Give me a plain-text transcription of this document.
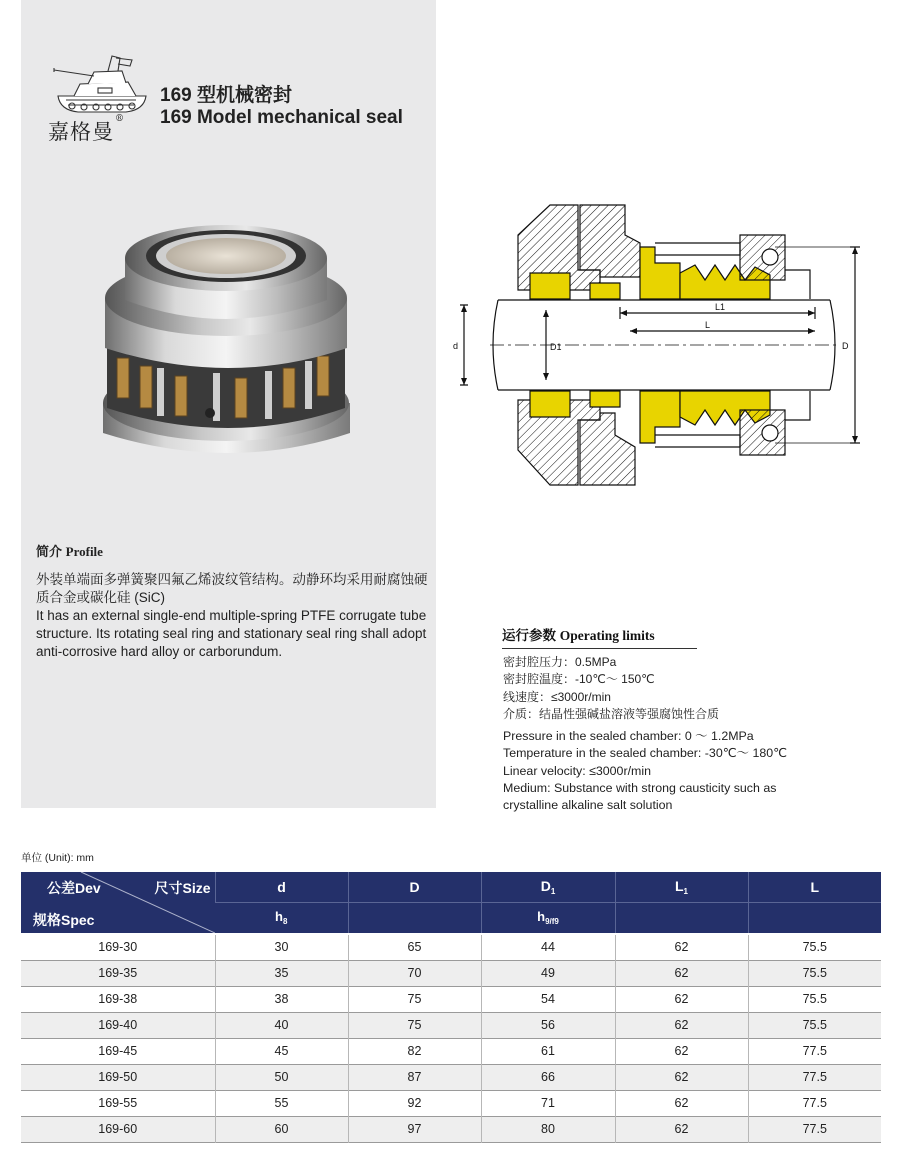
嘉格曼®
169 型机械密封
169 Model mechanical seal
简介 Profile

外装单端面多弹簧聚四氟乙烯波纹管结构。动静环均采用耐腐蚀硬质合金或碳化硅 (SiC)

It has an external single-end multiple-spring PTFE corrugate tube structure. Its rotating seal ring and stationary seal ring shall adopt anti-corrosive hard alloy or carborundum.

d	D1
L1
L
D
运行参数 Operating limits
密封腔压力：0.5MPa
密封腔温度：-10℃～ 150℃
线速度：≤3000r/min
介质：结晶性强碱盐溶液等强腐蚀性合质
Pressure in the sealed chamber: 0 ～ 1.2MPa
Temperature in the sealed chamber: -30℃～ 180℃
Linear velocity: ≤3000r/min
Medium: Substance with strong causticity such as
crystalline alkaline salt solution
单位 (Unit): mm
公差Dev 尺寸Size
规格Spec	d	D	$D_1$	$L_1$	L
	$h_8$		$h_{9/f9}$		
169-30	30	65	44	62	75.5
169-35	35	70	49	62	75.5
169-38	38	75	54	62	75.5
169-40	40	75	56	62	75.5
169-45	45	82	61	62	77.5
169-50	50	87	66	62	77.5
169-55	55	92	71	62	77.5
169-60	60	97	80	62	77.5
